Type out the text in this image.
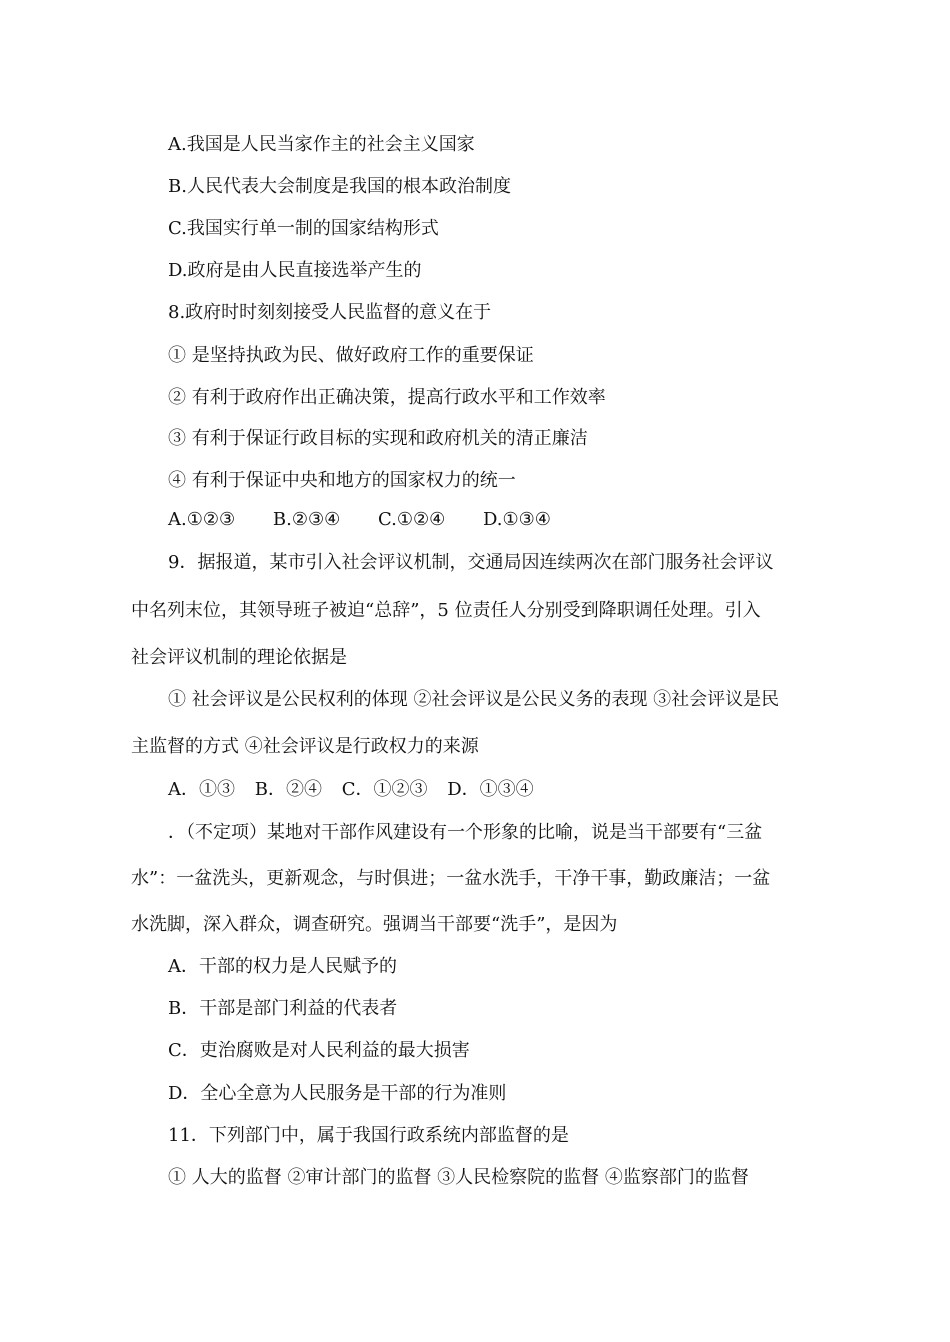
A.我国是人民当家作主的社会主义国家
B.人民代表大会制度是我国的根本政治制度
C.我国实行单一制的国家结构形式
D.政府是由人民直接选举产生的
8.政府时时刻刻接受人民监督的意义在于
① 是坚持执政为民、做好政府工作的重要保证
② 有利于政府作出正确决策，提高行政水平和工作效率
③ 有利于保证行政目标的实现和政府机关的清正廉洁
④ 有利于保证中央和地方的国家权力的统一
A.①②③ B.②③④ C.①②④ D.①③④
9．据报道，某市引入社会评议机制，交通局因连续两次在部门服务社会评议
中名列末位，其领导班子被迫“总辞”，5 位责任人分别受到降职调任处理。引入
社会评议机制的理论依据是
① 社会评议是公民权利的体现 ②社会评议是公民义务的表现 ③社会评议是民
主监督的方式 ④社会评议是行政权力的来源
A．①③ B．②④ C．①②③ D．①③④
．（不定项）某地对干部作风建设有一个形象的比喻，说是当干部要有“三盆
水”：一盆洗头，更新观念，与时俱进；一盆水洗手，干净干事，勤政廉洁；一盆
水洗脚，深入群众，调查研究。强调当干部要“洗手”，是因为
A．干部的权力是人民赋予的
B．干部是部门利益的代表者
C．吏治腐败是对人民利益的最大损害
D．全心全意为人民服务是干部的行为准则
11．下列部门中，属于我国行政系统内部监督的是
① 人大的监督 ②审计部门的监督 ③人民检察院的监督 ④监察部门的监督
